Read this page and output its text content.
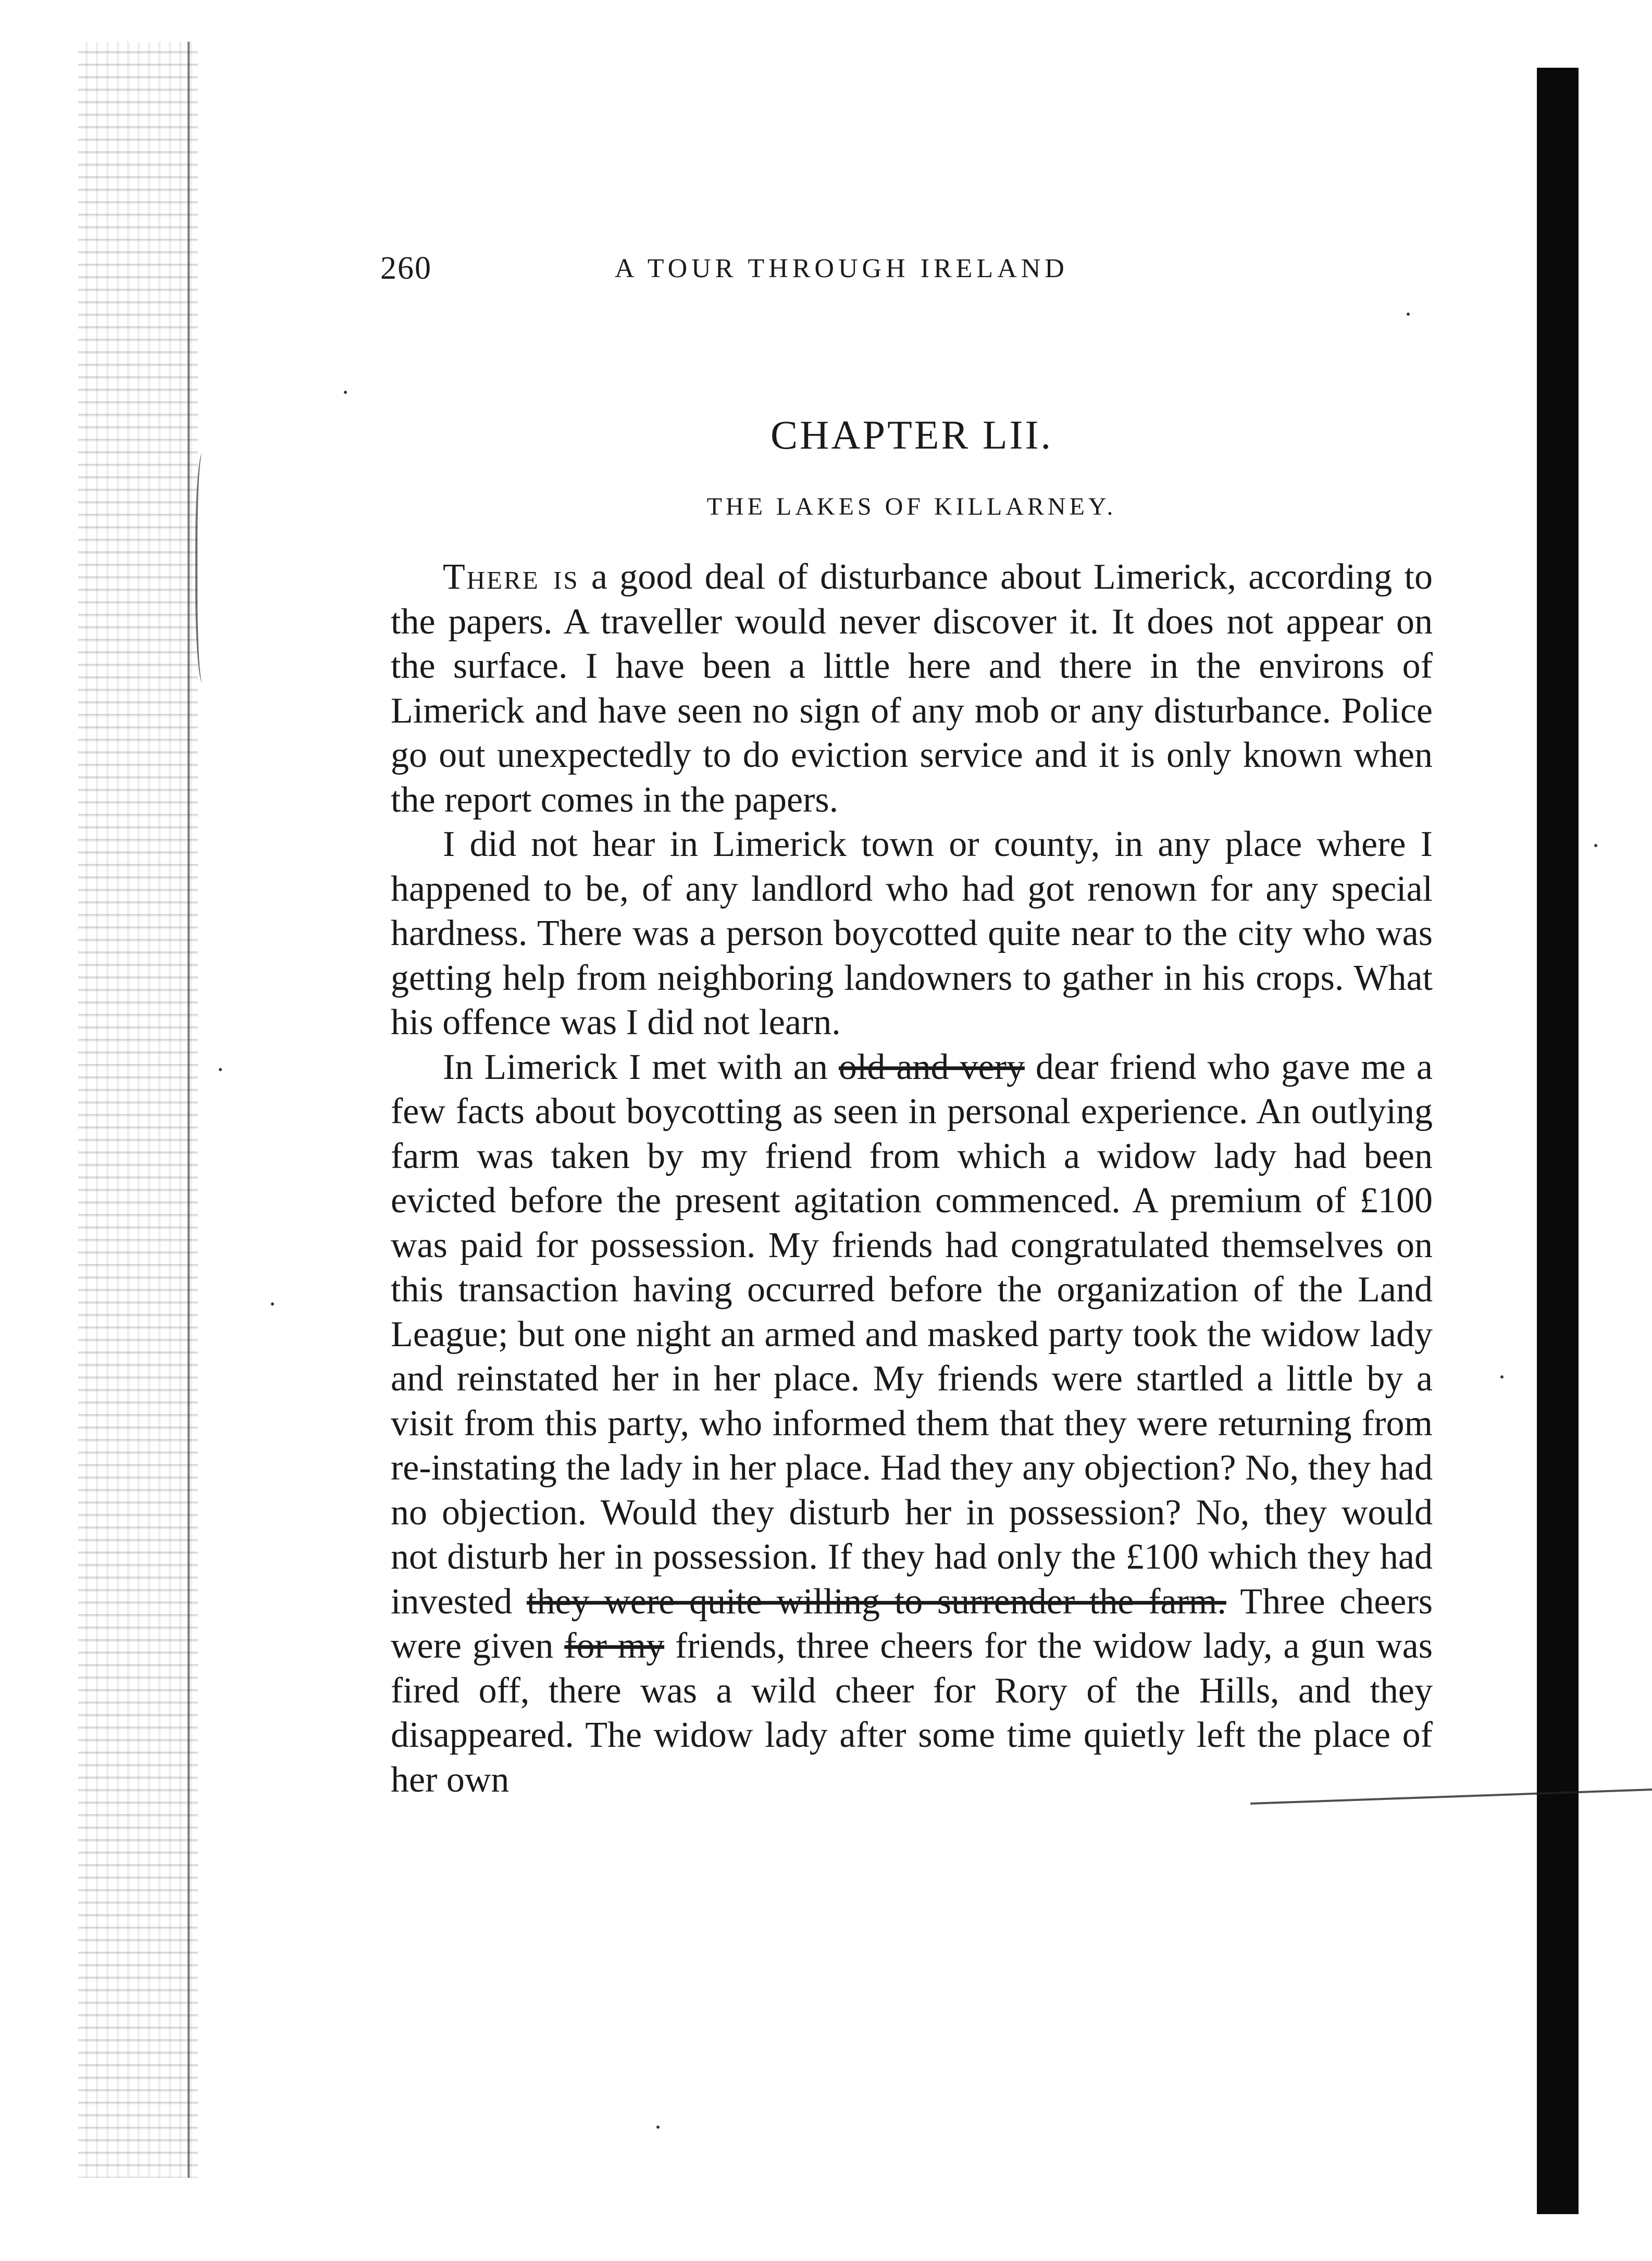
260	A TOUR THROUGH IRELAND
CHAPTER LII.
THE LAKES OF KILLARNEY.

There is a good deal of disturbance about Limerick, according to the papers. A traveller would never discover it. It does not appear on the surface. I have been a little here and there in the environs of Limerick and have seen no sign of any mob or any disturbance. Police go out unexpectedly to do eviction service and it is only known when the report comes in the papers.

I did not hear in Limerick town or county, in any place where I happened to be, of any landlord who had got renown for any special hardness. There was a person boycotted quite near to the city who was getting help from neighboring landowners to gather in his crops. What his offence was I did not learn.

In Limerick I met with an old and very dear friend who gave me a few facts about boycotting as seen in personal experience. An outlying farm was taken by my friend from which a widow lady had been evicted before the present agitation commenced. A premium of £100 was paid for possession. My friends had congratulated themselves on this transaction having occurred before the organization of the Land League; but one night an armed and masked party took the widow lady and reinstated her in her place. My friends were startled a little by a visit from this party, who informed them that they were returning from re-instating the lady in her place. Had they any objection? No, they had no objection. Would they disturb her in possession? No, they would not disturb her in possession. If they had only the £100 which they had invested they were quite willing to surrender the farm. Three cheers were given for my friends, three cheers for the widow lady, a gun was fired off, there was a wild cheer for Rory of the Hills, and they disappeared. The widow lady after some time quietly left the place of her own
